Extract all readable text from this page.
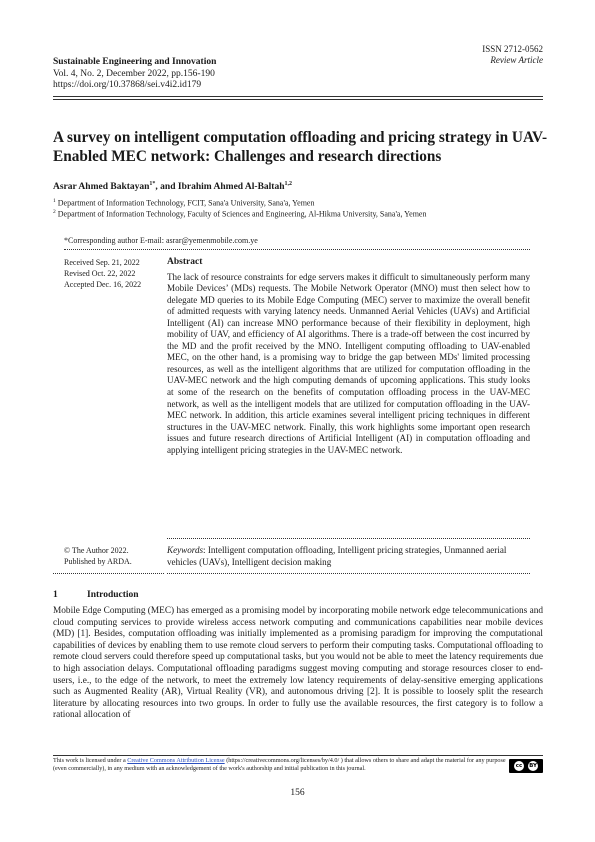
ISSN 2712-0562
Review Article
Sustainable Engineering and Innovation
Vol. 4, No. 2, December 2022, pp.156-190
https://doi.org/10.37868/sei.v4i2.id179
A survey on intelligent computation offloading and pricing strategy in UAV-Enabled MEC network: Challenges and research directions
Asrar Ahmed Baktayan$^{1*}$, and Ibrahim Ahmed Al-Baltah$^{1,2}$
$^1$ Department of Information Technology, FCIT, Sana'a University, Sana'a, Yemen
$^2$ Department of Information Technology, Faculty of Sciences and Engineering, Al-Hikma University, Sana'a, Yemen
*Corresponding author E-mail: asrar@yemenmobile.com.ye
Received Sep. 21, 2022
Revised Oct. 22, 2022
Accepted Dec. 16, 2022
Abstract

The lack of resource constraints for edge servers makes it difficult to simultaneously perform many Mobile Devices’ (MDs) requests. The Mobile Network Operator (MNO) must then select how to delegate MD queries to its Mobile Edge Computing (MEC) server to maximize the overall benefit of admitted requests with varying latency needs. Unmanned Aerial Vehicles (UAVs) and Artificial Intelligent (AI) can increase MNO performance because of their flexibility in deployment, high mobility of UAV, and efficiency of AI algorithms. There is a trade-off between the cost incurred by the MD and the profit received by the MNO. Intelligent computing offloading to UAV-enabled MEC, on the other hand, is a promising way to bridge the gap between MDs' limited processing resources, as well as the intelligent algorithms that are utilized for computation offloading in the UAV-MEC network and the high computing demands of upcoming applications. This study looks at some of the research on the benefits of computation offloading process in the UAV-MEC network, as well as the intelligent models that are utilized for computation offloading in the UAV-MEC network. In addition, this article examines several intelligent pricing techniques in different structures in the UAV-MEC network. Finally, this work highlights some important open research issues and future research directions of Artificial Intelligent (AI) in computation offloading and applying intelligent pricing strategies in the UAV-MEC network.

© The Author 2022.
Published by ARDA.
Keywords: Intelligent computation offloading, Intelligent pricing strategies, Unmanned aerial vehicles (UAVs), Intelligent decision making
1	Introduction

Mobile Edge Computing (MEC) has emerged as a promising model by incorporating mobile network edge telecommunications and cloud computing services to provide wireless access network computing and communications capabilities near mobile devices (MD) [1]. Besides, computation offloading was initially implemented as a promising paradigm for improving the computational capabilities of devices by enabling them to use remote cloud servers to perform their computing tasks. Computational offloading to remote cloud servers could therefore speed up computational tasks, but you would not be able to meet the latency requirements due to high association delays. Computational offloading paradigms suggest moving computing and storage resources closer to end-users, i.e., to the edge of the network, to meet the extremely low latency requirements of delay-sensitive emerging applications such as Augmented Reality (AR), Virtual Reality (VR), and autonomous driving [2]. It is possible to loosely split the research literature by allocating resources into two groups. In order to fully use the available resources, the first category is to follow a rational allocation of

This work is licensed under a Creative Commons Attribution License (https://creativecommons.org/licenses/by/4.0/ ) that allows others to share and adapt the material for any purpose (even commercially), in any medium with an acknowledgement of the work's authorship and initial publication in this journal.	cc	BY
156
